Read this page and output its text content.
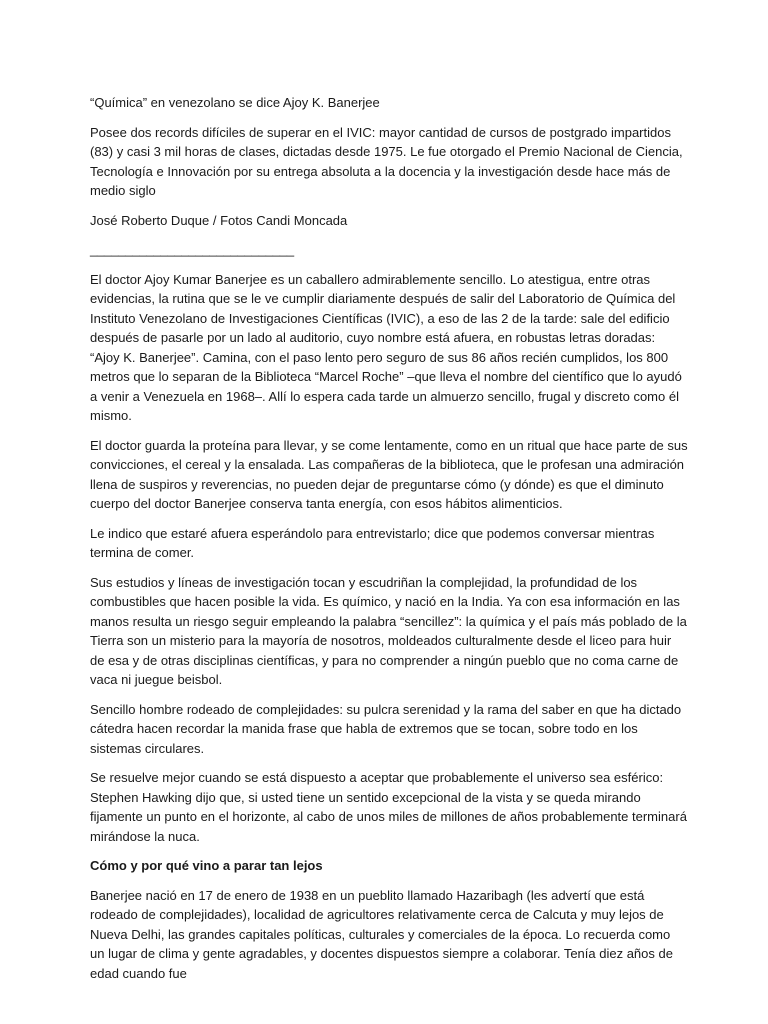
“Química” en venezolano se dice Ajoy K. Banerjee

Posee dos records difíciles de superar en el IVIC: mayor cantidad de cursos de postgrado impartidos (83) y casi 3 mil horas de clases, dictadas desde 1975. Le fue otorgado el Premio Nacional de Ciencia, Tecnología e Innovación por su entrega absoluta a la docencia y la investigación desde hace más de medio siglo

José Roberto Duque / Fotos Candi Moncada

_____________________________

El doctor Ajoy Kumar Banerjee es un caballero admirablemente sencillo. Lo atestigua, entre otras evidencias, la rutina que se le ve cumplir diariamente después de salir del Laboratorio de Química del Instituto Venezolano de Investigaciones Científicas (IVIC), a eso de las 2 de la tarde: sale del edificio después de pasarle por un lado al auditorio, cuyo nombre está afuera, en robustas letras doradas: “Ajoy K. Banerjee”. Camina, con el paso lento pero seguro de sus 86 años recién cumplidos, los 800 metros que lo separan de la Biblioteca “Marcel Roche” –que lleva el nombre del científico que lo ayudó a venir a Venezuela en 1968–. Allí lo espera cada tarde un almuerzo sencillo, frugal y discreto como él mismo.

El doctor guarda la proteína para llevar, y se come lentamente, como en un ritual que hace parte de sus convicciones, el cereal y la ensalada. Las compañeras de la biblioteca, que le profesan una admiración llena de suspiros y reverencias, no pueden dejar de preguntarse cómo (y dónde) es que el diminuto cuerpo del doctor Banerjee conserva tanta energía, con esos hábitos alimenticios.

Le indico que estaré afuera esperándolo para entrevistarlo; dice que podemos conversar mientras termina de comer.

Sus estudios y líneas de investigación tocan y escudriñan la complejidad, la profundidad de los combustibles que hacen posible la vida. Es químico, y nació en la India. Ya con esa información en las manos resulta un riesgo seguir empleando la palabra “sencillez”: la química y el país más poblado de la Tierra son un misterio para la mayoría de nosotros, moldeados culturalmente desde el liceo para huir de esa y de otras disciplinas científicas, y para no comprender a ningún pueblo que no coma carne de vaca ni juegue beisbol.

Sencillo hombre rodeado de complejidades: su pulcra serenidad y la rama del saber en que ha dictado cátedra hacen recordar la manida frase que habla de extremos que se tocan, sobre todo en los sistemas circulares.

Se resuelve mejor cuando se está dispuesto a aceptar que probablemente el universo sea esférico: Stephen Hawking dijo que, si usted tiene un sentido excepcional de la vista y se queda mirando fijamente un punto en el horizonte, al cabo de unos miles de millones de años probablemente terminará mirándose la nuca.

Cómo y por qué vino a parar tan lejos

Banerjee nació en 17 de enero de 1938 en un pueblito llamado Hazaribagh (les advertí que está rodeado de complejidades), localidad de agricultores relativamente cerca de Calcuta y muy lejos de Nueva Delhi, las grandes capitales políticas, culturales y comerciales de la época. Lo recuerda como un lugar de clima y gente agradables, y docentes dispuestos siempre a colaborar. Tenía diez años de edad cuando fue
